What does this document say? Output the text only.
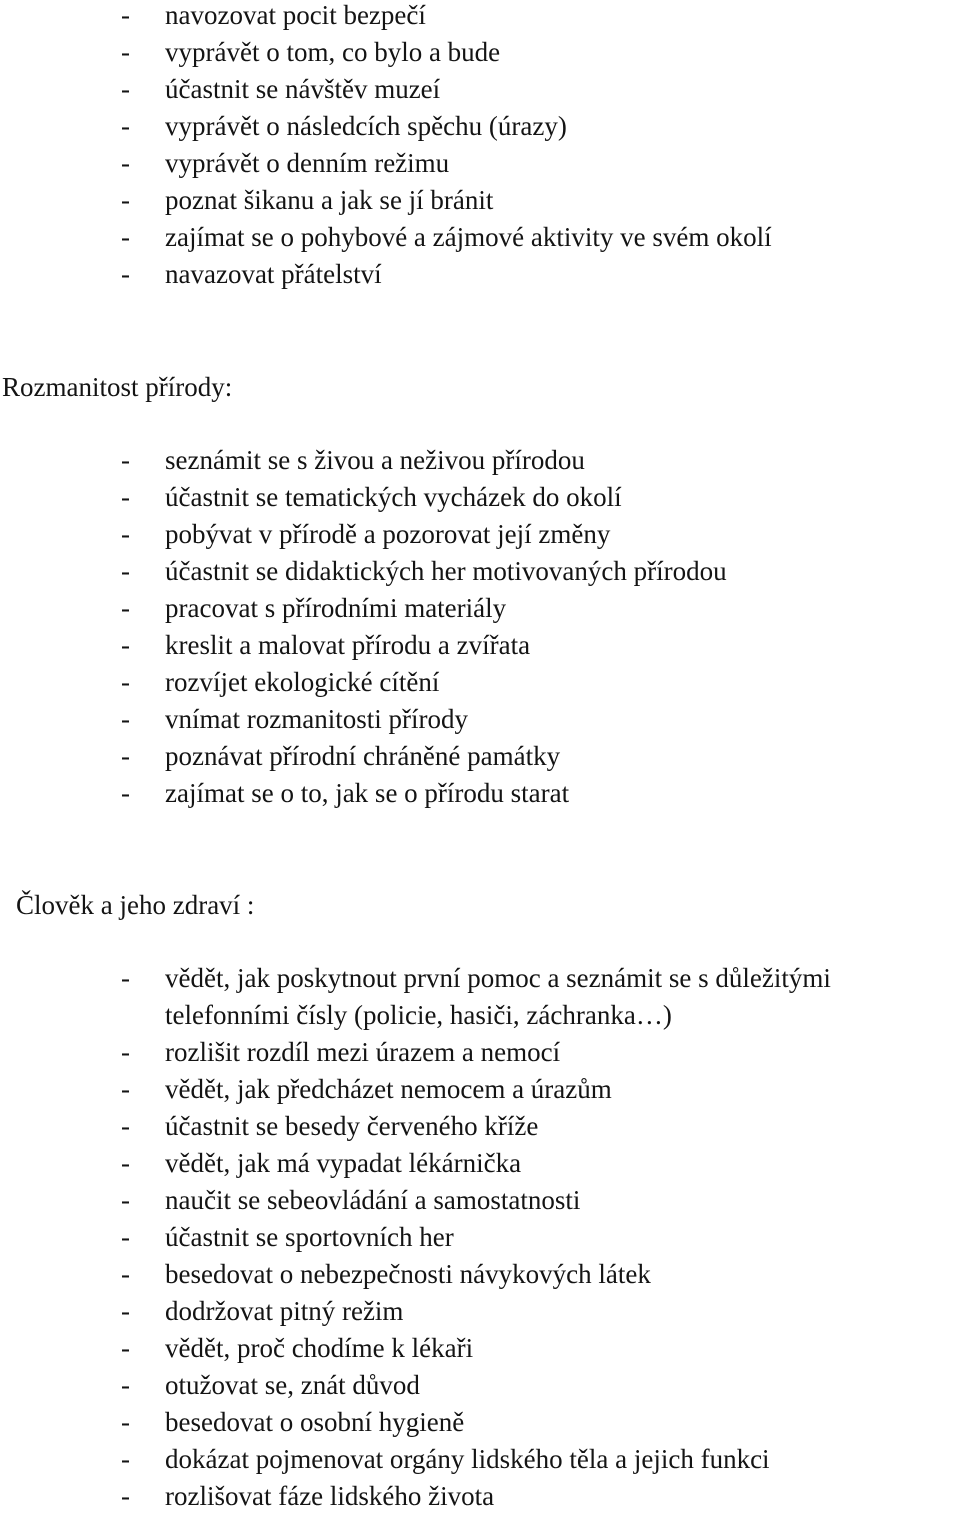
- navozovat pocit bezpečí
- vyprávět o tom, co bylo a bude
- účastnit se návštěv muzeí
- vyprávět o následcích spěchu (úrazy)
- vyprávět o denním režimu
- poznat šikanu a jak se jí bránit
- zajímat se o pohybové a zájmové aktivity ve svém okolí
- navazovat přátelství
Rozmanitost přírody:
- seznámit se s živou a neživou přírodou
- účastnit se tematických vycházek do okolí
- pobývat v přírodě a pozorovat její změny
- účastnit se didaktických her motivovaných přírodou
- pracovat s přírodními materiály
- kreslit a malovat přírodu a zvířata
- rozvíjet ekologické cítění
- vnímat rozmanitosti přírody
- poznávat přírodní chráněné památky
- zajímat se o to, jak se o přírodu starat
Člověk a jeho zdraví :
- vědět, jak poskytnout první pomoc a seznámit se s důležitými
telefonními čísly (policie, hasiči, záchranka…)
- rozlišit rozdíl mezi úrazem a nemocí
- vědět, jak předcházet nemocem a úrazům
- účastnit se besedy červeného kříže
- vědět, jak má vypadat lékárnička
- naučit se sebeovládání a samostatnosti
- účastnit se sportovních her
- besedovat o nebezpečnosti návykových látek
- dodržovat pitný režim
- vědět, proč chodíme k lékaři
- otužovat se, znát důvod
- besedovat o osobní hygieně
- dokázat pojmenovat orgány lidského těla a jejich funkci
- rozlišovat fáze lidského života
